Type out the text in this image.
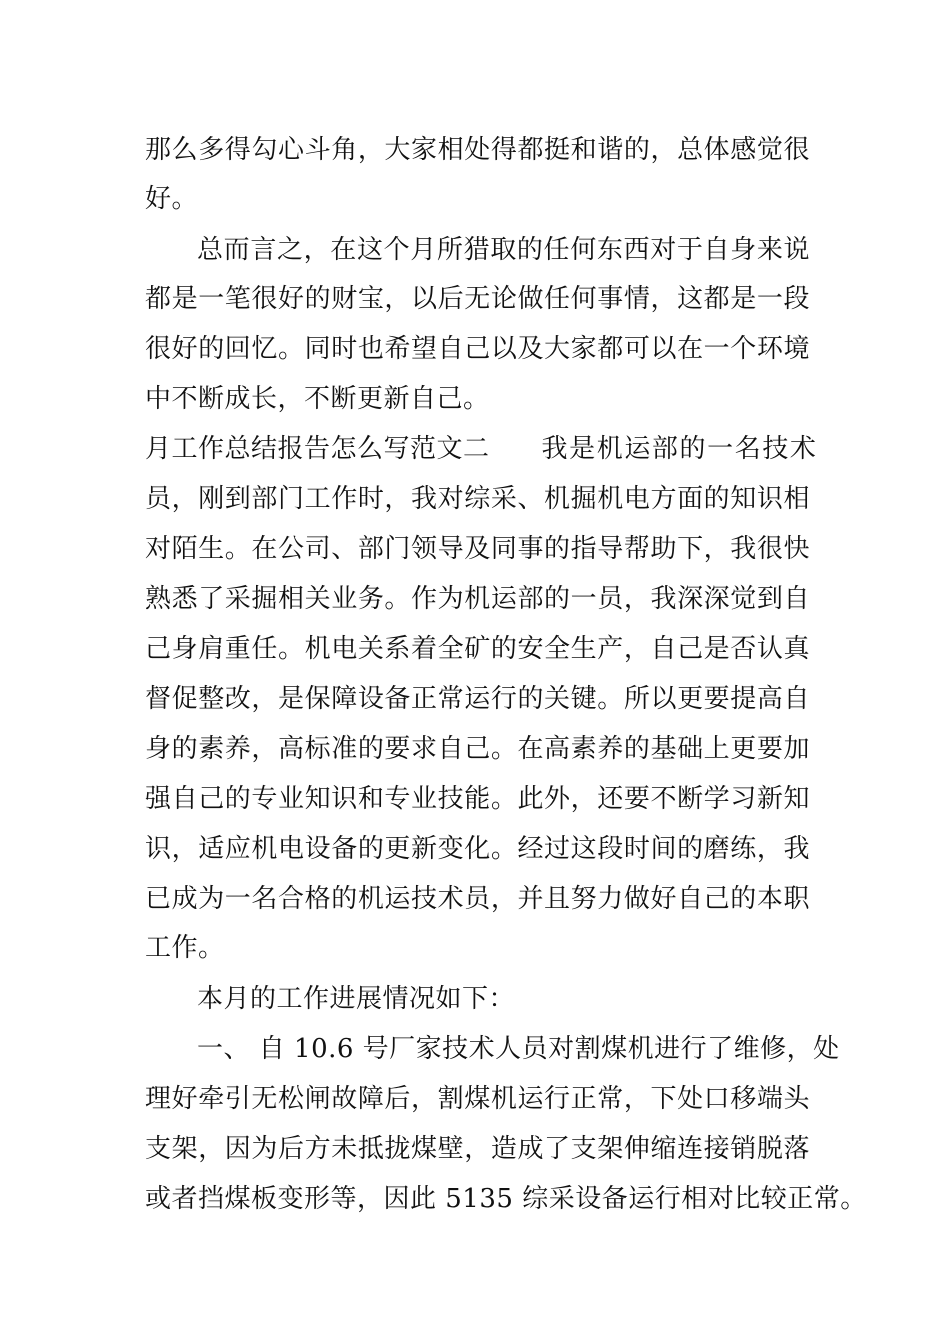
那么多得勾心斗角，大家相处得都挺和谐的，总体感觉很
好。
总而言之，在这个月所猎取的任何东西对于自身来说
都是一笔很好的财宝，以后无论做任何事情，这都是一段
很好的回忆。同时也希望自己以及大家都可以在一个环境
中不断成长，不断更新自己。
月工作总结报告怎么写范文二 我是机运部的一名技术
员，刚到部门工作时，我对综采、机掘机电方面的知识相
对陌生。在公司、部门领导及同事的指导帮助下，我很快
熟悉了采掘相关业务。作为机运部的一员，我深深觉到自
己身肩重任。机电关系着全矿的安全生产，自己是否认真
督促整改，是保障设备正常运行的关键。所以更要提高自
身的素养，高标准的要求自己。在高素养的基础上更要加
强自己的专业知识和专业技能。此外，还要不断学习新知
识，适应机电设备的更新变化。经过这段时间的磨练，我
已成为一名合格的机运技术员，并且努力做好自己的本职
工作。
本月的工作进展情况如下：
一、 自 10.6 号厂家技术人员对割煤机进行了维修，处
理好牵引无松闸故障后，割煤机运行正常，下处口移端头
支架，因为后方未抵拢煤壁，造成了支架伸缩连接销脱落
或者挡煤板变形等，因此 5135 综采设备运行相对比较正常。
